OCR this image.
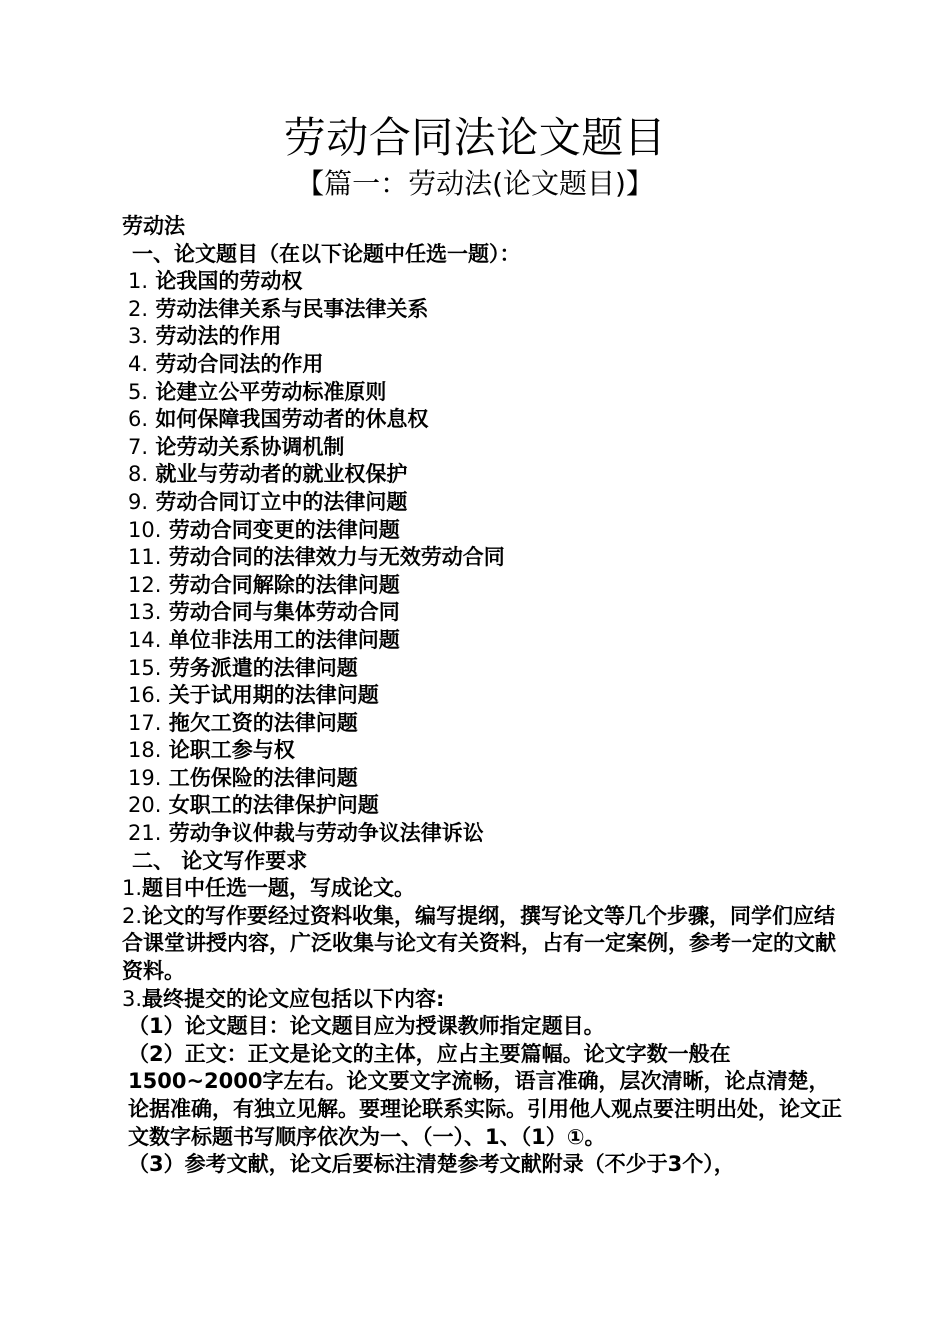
劳动合同法论文题目
【篇一：劳动法(论文题目)】
劳动法
一、论文题目（在以下论题中任选一题）：
1. 论我国的劳动权
2. 劳动法律关系与民事法律关系
3. 劳动法的作用
4. 劳动合同法的作用
5. 论建立公平劳动标准原则
6. 如何保障我国劳动者的休息权
7. 论劳动关系协调机制
8. 就业与劳动者的就业权保护
9. 劳动合同订立中的法律问题
10. 劳动合同变更的法律问题
11. 劳动合同的法律效力与无效劳动合同
12. 劳动合同解除的法律问题
13. 劳动合同与集体劳动合同
14. 单位非法用工的法律问题
15. 劳务派遣的法律问题
16. 关于试用期的法律问题
17. 拖欠工资的法律问题
18. 论职工参与权
19. 工伤保险的法律问题
20. 女职工的法律保护问题
21. 劳动争议仲裁与劳动争议法律诉讼
二、 论文写作要求
1.题目中任选一题，写成论文。

2.论文的写作要经过资料收集，编写提纲，撰写论文等几个步骤，同学们应结合课堂讲授内容，广泛收集与论文有关资料，占有一定案例，参考一定的文献资料。

3.最终提交的论文应包括以下内容:
（1）论文题目：论文题目应为授课教师指定题目。

（2）正文：正文是论文的主体，应占主要篇幅。论文字数一般在1500~2000字左右。论文要文字流畅，语言准确，层次清晰，论点清楚，论据准确，有独立见解。要理论联系实际。引用他人观点要注明出处，论文正文数字标题书写顺序依次为一、（一）、1、（1）①。

（3）参考文献，论文后要标注清楚参考文献附录（不少于3个），
